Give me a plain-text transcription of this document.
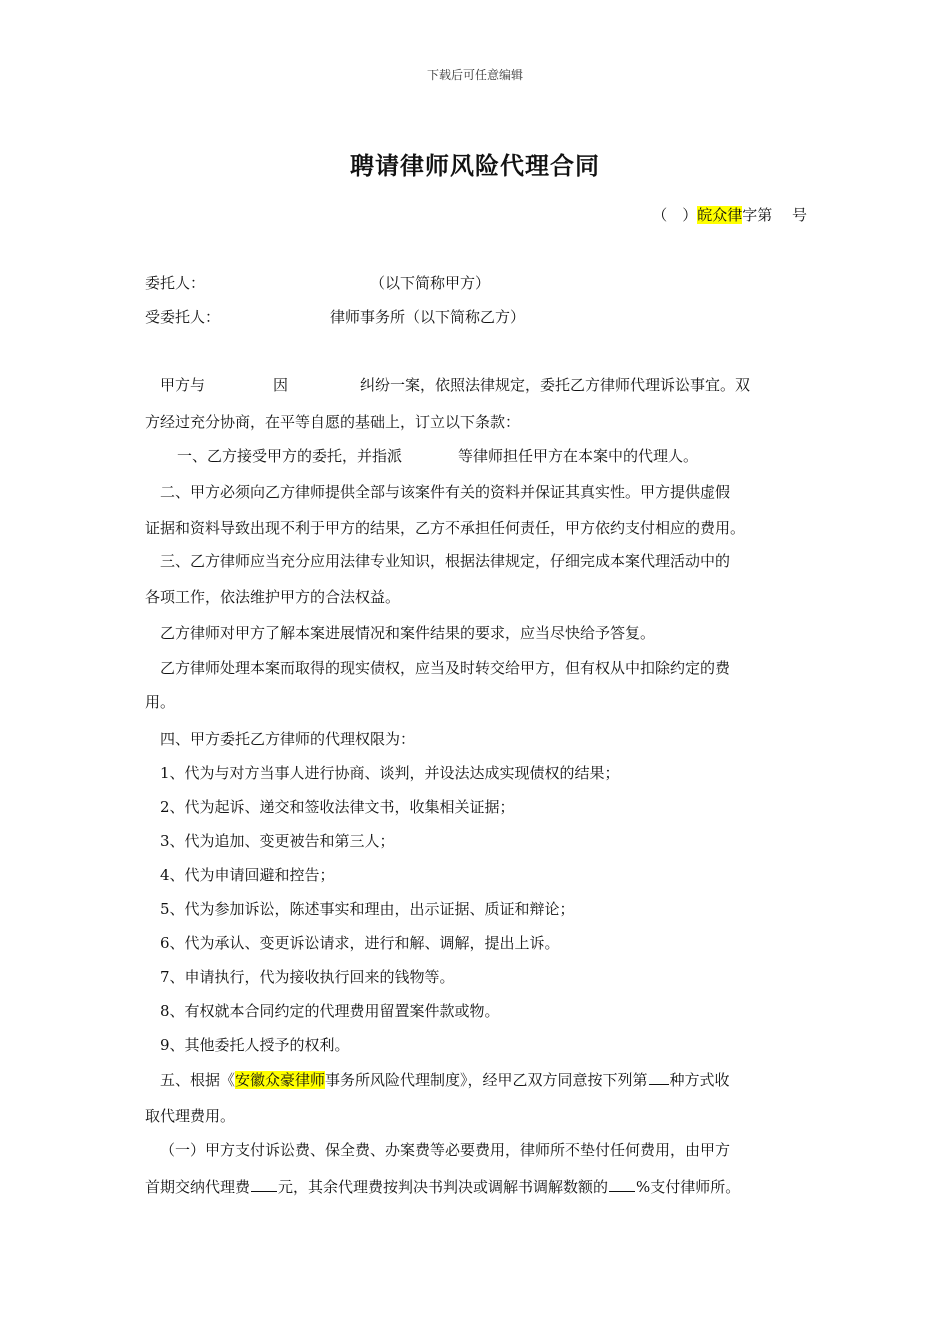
下载后可任意编辑
聘请律师风险代理合同
（　）皖众律字第　 号
委托人：	（以下简称甲方）
受委托人：	律师事务所（以下简称乙方）
甲方与	因	纠纷一案，依照法律规定，委托乙方律师代理诉讼事宜。双
方经过充分协商，在平等自愿的基础上，订立以下条款：
一、乙方接受甲方的委托，并指派	等律师担任甲方在本案中的代理人。
二、甲方必须向乙方律师提供全部与该案件有关的资料并保证其真实性。甲方提供虚假
证据和资料导致出现不利于甲方的结果，乙方不承担任何责任，甲方依约支付相应的费用。
三、乙方律师应当充分应用法律专业知识，根据法律规定，仔细完成本案代理活动中的
各项工作，依法维护甲方的合法权益。
乙方律师对甲方了解本案进展情况和案件结果的要求，应当尽快给予答复。
乙方律师处理本案而取得的现实债权，应当及时转交给甲方，但有权从中扣除约定的费
用。
四、甲方委托乙方律师的代理权限为：
1、代为与对方当事人进行协商、谈判，并设法达成实现债权的结果；
2、代为起诉、递交和签收法律文书，收集相关证据；
3、代为追加、变更被告和第三人；
4、代为申请回避和控告；
5、代为参加诉讼，陈述事实和理由，出示证据、质证和辩论；
6、代为承认、变更诉讼请求，进行和解、调解，提出上诉。
7、申请执行，代为接收执行回来的钱物等。
8、有权就本合同约定的代理费用留置案件款或物。
9、其他委托人授予的权利。
五、根据《安徽众豪律师事务所风险代理制度》，经甲乙双方同意按下列第 种方式收
取代理费用。
（一）甲方支付诉讼费、保全费、办案费等必要费用，律师所不垫付任何费用，由甲方
首期交纳代理费 元，其余代理费按判决书判决或调解书调解数额的 %支付律师所。
